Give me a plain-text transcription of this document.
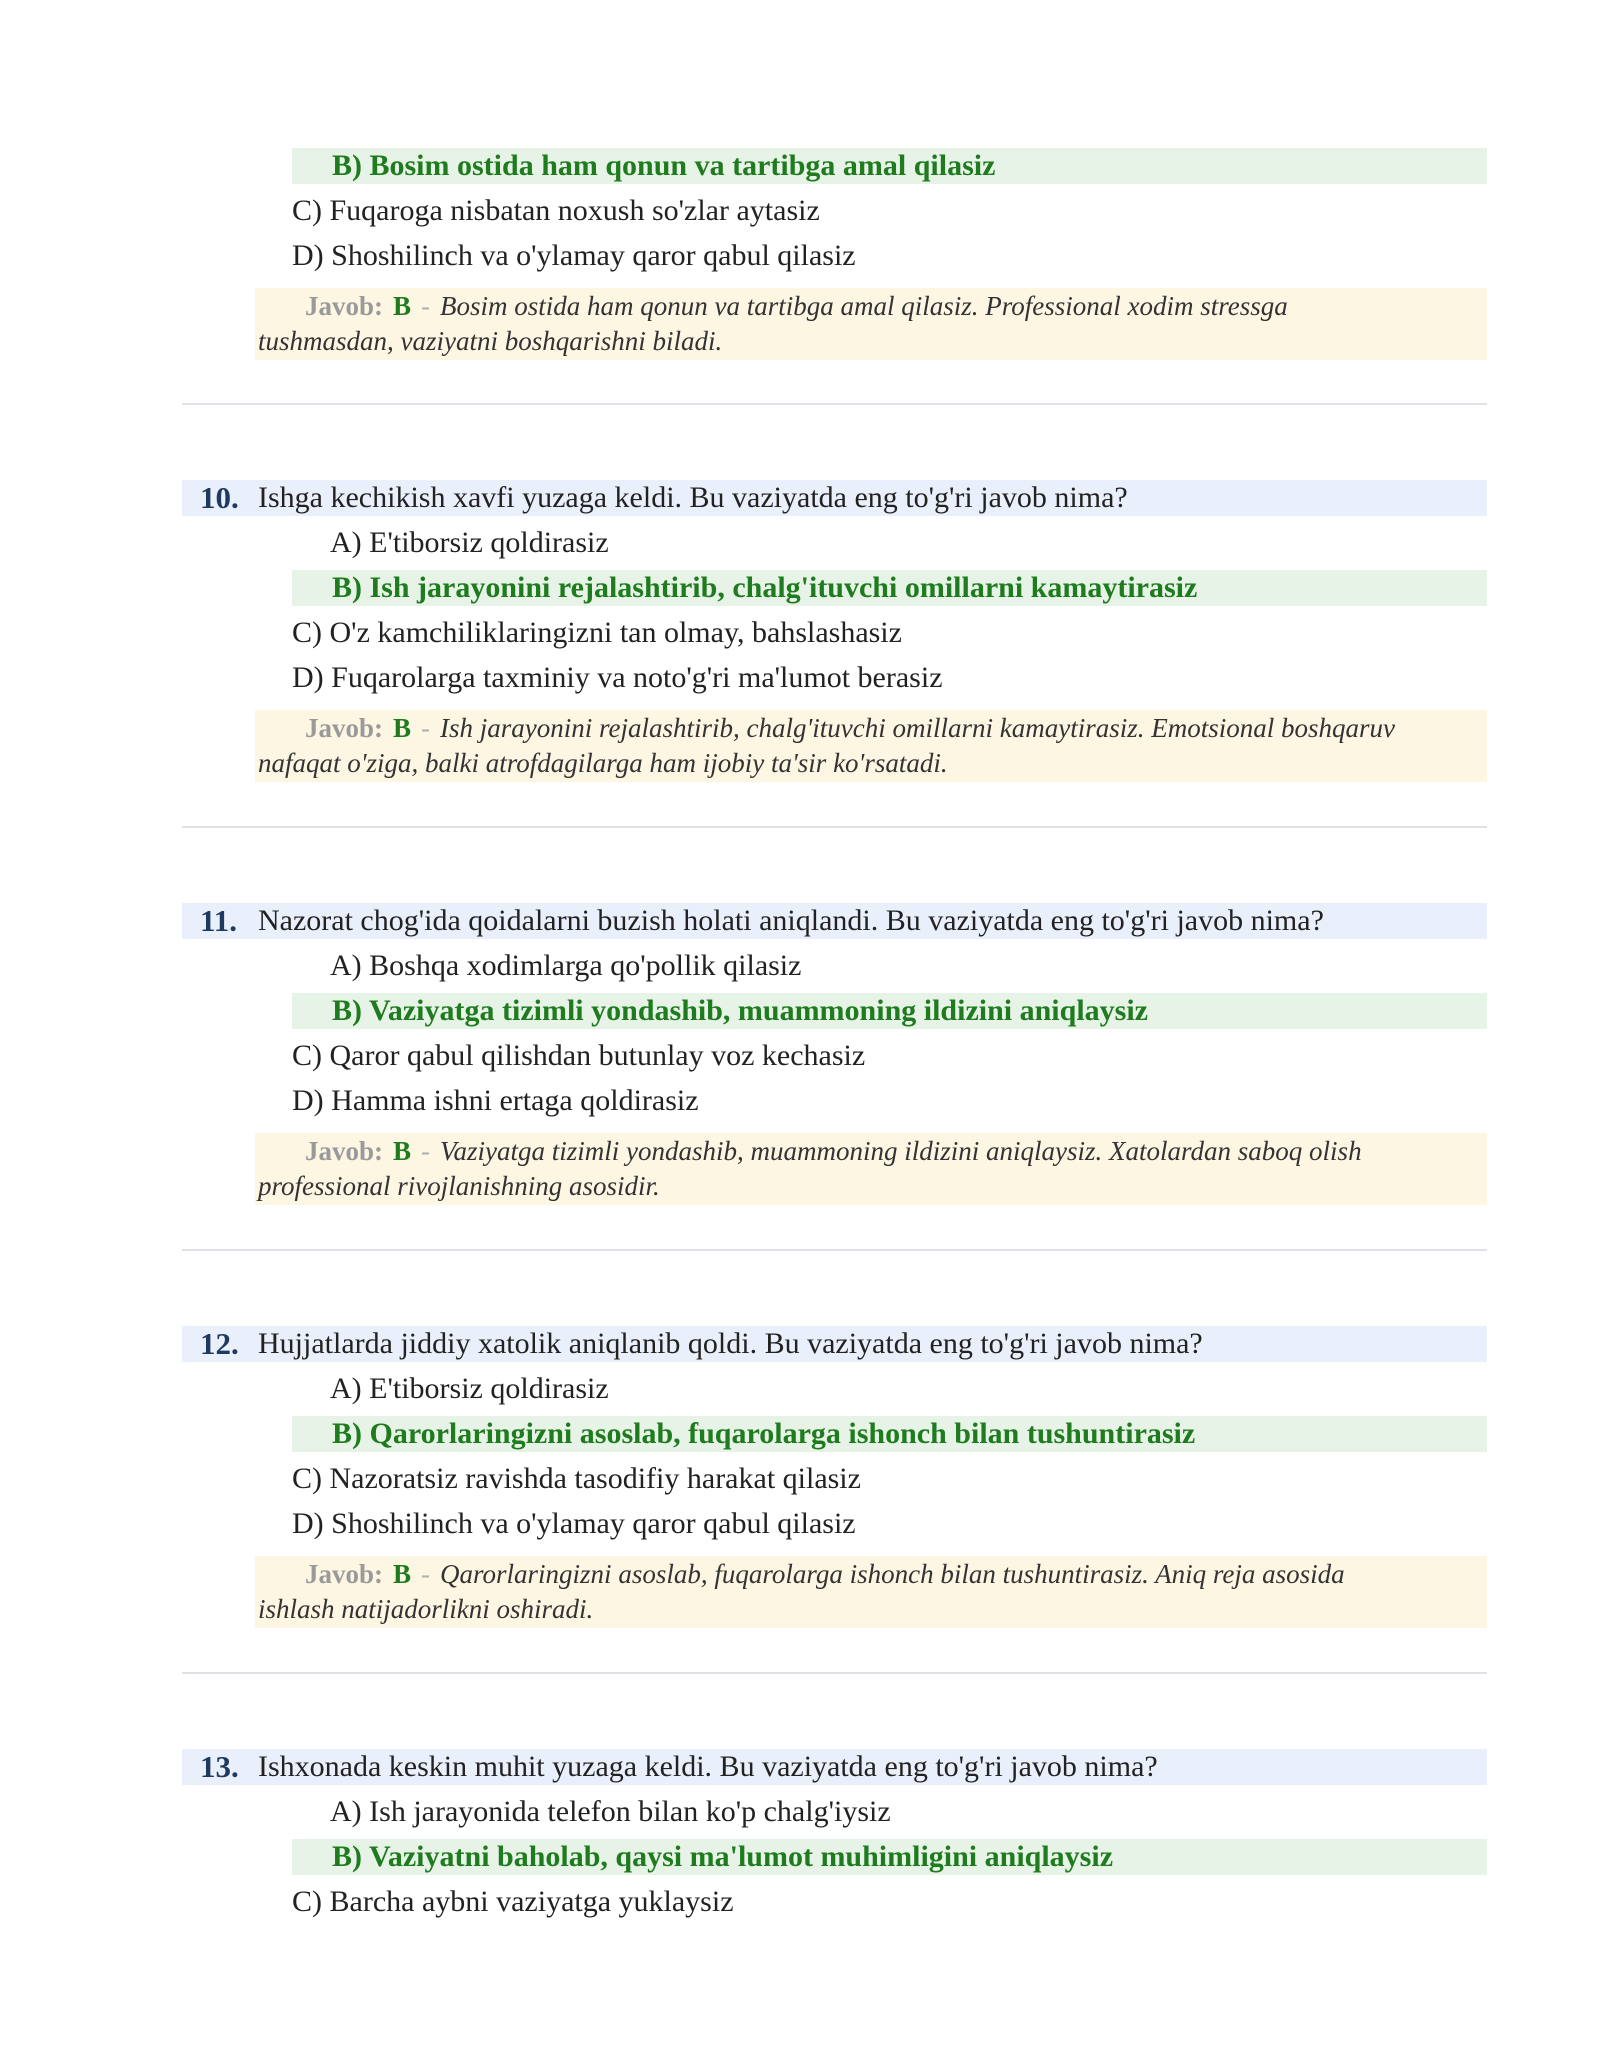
B) Bosim ostida ham qonun va tartibga amal qilasiz
C) Fuqaroga nisbatan noxush so'zlar aytasiz
D) Shoshilinch va o'ylamay qaror qabul qilasiz
Javob: B - Bosim ostida ham qonun va tartibga amal qilasiz. Professional xodim stressga
tushmasdan, vaziyatni boshqarishni biladi.
10. Ishga kechikish xavfi yuzaga keldi. Bu vaziyatda eng to'g'ri javob nima?
A) E'tiborsiz qoldirasiz
B) Ish jarayonini rejalashtirib, chalg'ituvchi omillarni kamaytirasiz
C) O'z kamchiliklaringizni tan olmay, bahslashasiz
D) Fuqarolarga taxminiy va noto'g'ri ma'lumot berasiz
Javob: B - Ish jarayonini rejalashtirib, chalg'ituvchi omillarni kamaytirasiz. Emotsional boshqaruv
nafaqat o'ziga, balki atrofdagilarga ham ijobiy ta'sir ko'rsatadi.
11. Nazorat chog'ida qoidalarni buzish holati aniqlandi. Bu vaziyatda eng to'g'ri javob nima?
A) Boshqa xodimlarga qo'pollik qilasiz
B) Vaziyatga tizimli yondashib, muammoning ildizini aniqlaysiz
C) Qaror qabul qilishdan butunlay voz kechasiz
D) Hamma ishni ertaga qoldirasiz
Javob: B - Vaziyatga tizimli yondashib, muammoning ildizini aniqlaysiz. Xatolardan saboq olish
professional rivojlanishning asosidir.
12. Hujjatlarda jiddiy xatolik aniqlanib qoldi. Bu vaziyatda eng to'g'ri javob nima?
A) E'tiborsiz qoldirasiz
B) Qarorlaringizni asoslab, fuqarolarga ishonch bilan tushuntirasiz
C) Nazoratsiz ravishda tasodifiy harakat qilasiz
D) Shoshilinch va o'ylamay qaror qabul qilasiz
Javob: B - Qarorlaringizni asoslab, fuqarolarga ishonch bilan tushuntirasiz. Aniq reja asosida
ishlash natijadorlikni oshiradi.
13. Ishxonada keskin muhit yuzaga keldi. Bu vaziyatda eng to'g'ri javob nima?
A) Ish jarayonida telefon bilan ko'p chalg'iysiz
B) Vaziyatni baholab, qaysi ma'lumot muhimligini aniqlaysiz
C) Barcha aybni vaziyatga yuklaysiz
